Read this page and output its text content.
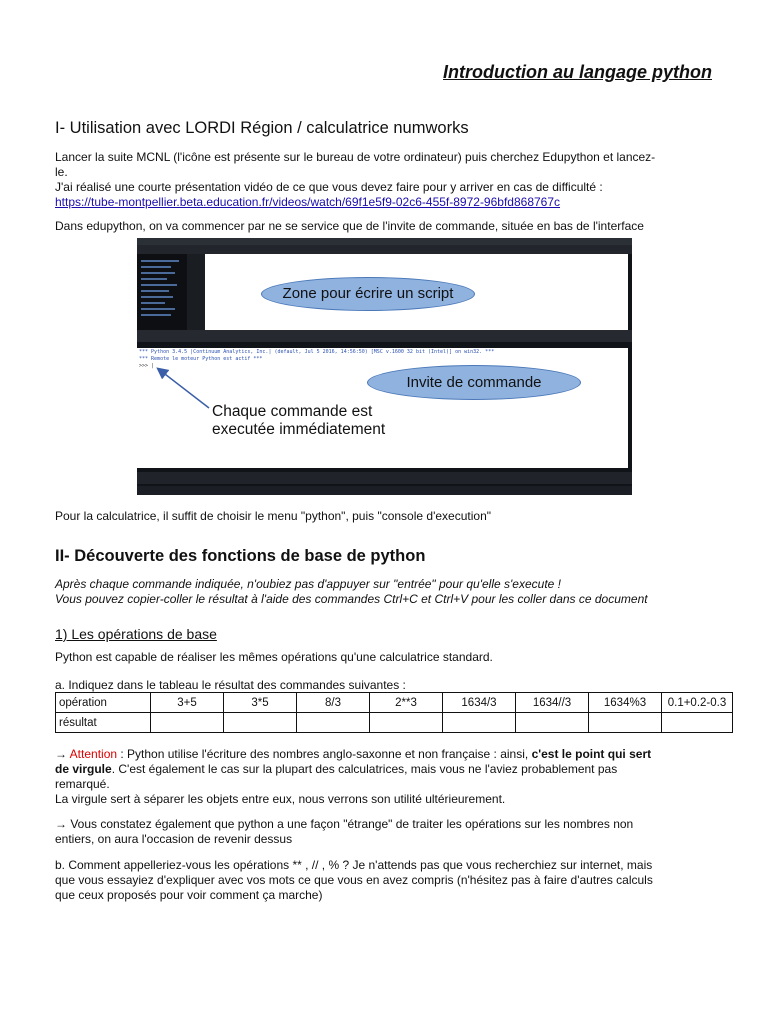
Introduction au langage python
I- Utilisation avec LORDI Région / calculatrice numworks
Lancer la suite MCNL (l'icône est présente sur le bureau de votre ordinateur) puis cherchez Edupython et lancez-
le.
J'ai réalisé une courte présentation vidéo de ce que vous devez faire pour y arriver en cas de difficulté :
https://tube-montpellier.beta.education.fr/videos/watch/69f1e5f9-02c6-455f-8972-96bfd868767c
Dans edupython, on va commencer par ne se service que de l'invite de commande, située en bas de l'interface
*** Python 3.4.5 |Continuum Analytics, Inc.| (default, Jul 5 2016, 14:56:50) [MSC v.1600 32 bit (Intel)] on win32. ***
*** Remote le moteur Python est actif ***
>>> |
Zone pour écrire un script
Invite de commande
Chaque commande est
executée immédiatement
Pour la calculatrice, il suffit de choisir le menu "python", puis "console d'execution"
II- Découverte des fonctions de base de python
Après chaque commande indiquée, n'oubiez pas d'appuyer sur "entrée" pour qu'elle s'execute !
Vous pouvez copier-coller le résultat à l'aide des commandes Ctrl+C et Ctrl+V pour les coller dans ce document
1) Les opérations de base
Python est capable de réaliser les mêmes opérations qu'une calculatrice standard.
a. Indiquez dans le tableau le résultat des commandes suivantes :
opération	3+5	3*5	8/3	2**3	1634/3	1634//3	1634%3	0.1+0.2-0.3
résultat								
→ Attention : Python utilise l'écriture des nombres anglo-saxonne et non française : ainsi, c'est le point qui sert
de virgule. C'est également le cas sur la plupart des calculatrices, mais vous ne l'aviez probablement pas
remarqué.
La virgule sert à séparer les objets entre eux, nous verrons son utilité ultérieurement.
→ Vous constatez également que python a une façon "étrange" de traiter les opérations sur les nombres non
entiers, on aura l'occasion de revenir dessus
b. Comment appelleriez-vous les opérations ** , // , % ? Je n'attends pas que vous recherchiez sur internet, mais
que vous essayiez d'expliquer avec vos mots ce que vous en avez compris (n'hésitez pas à faire d'autres calculs
que ceux proposés pour voir comment ça marche)
